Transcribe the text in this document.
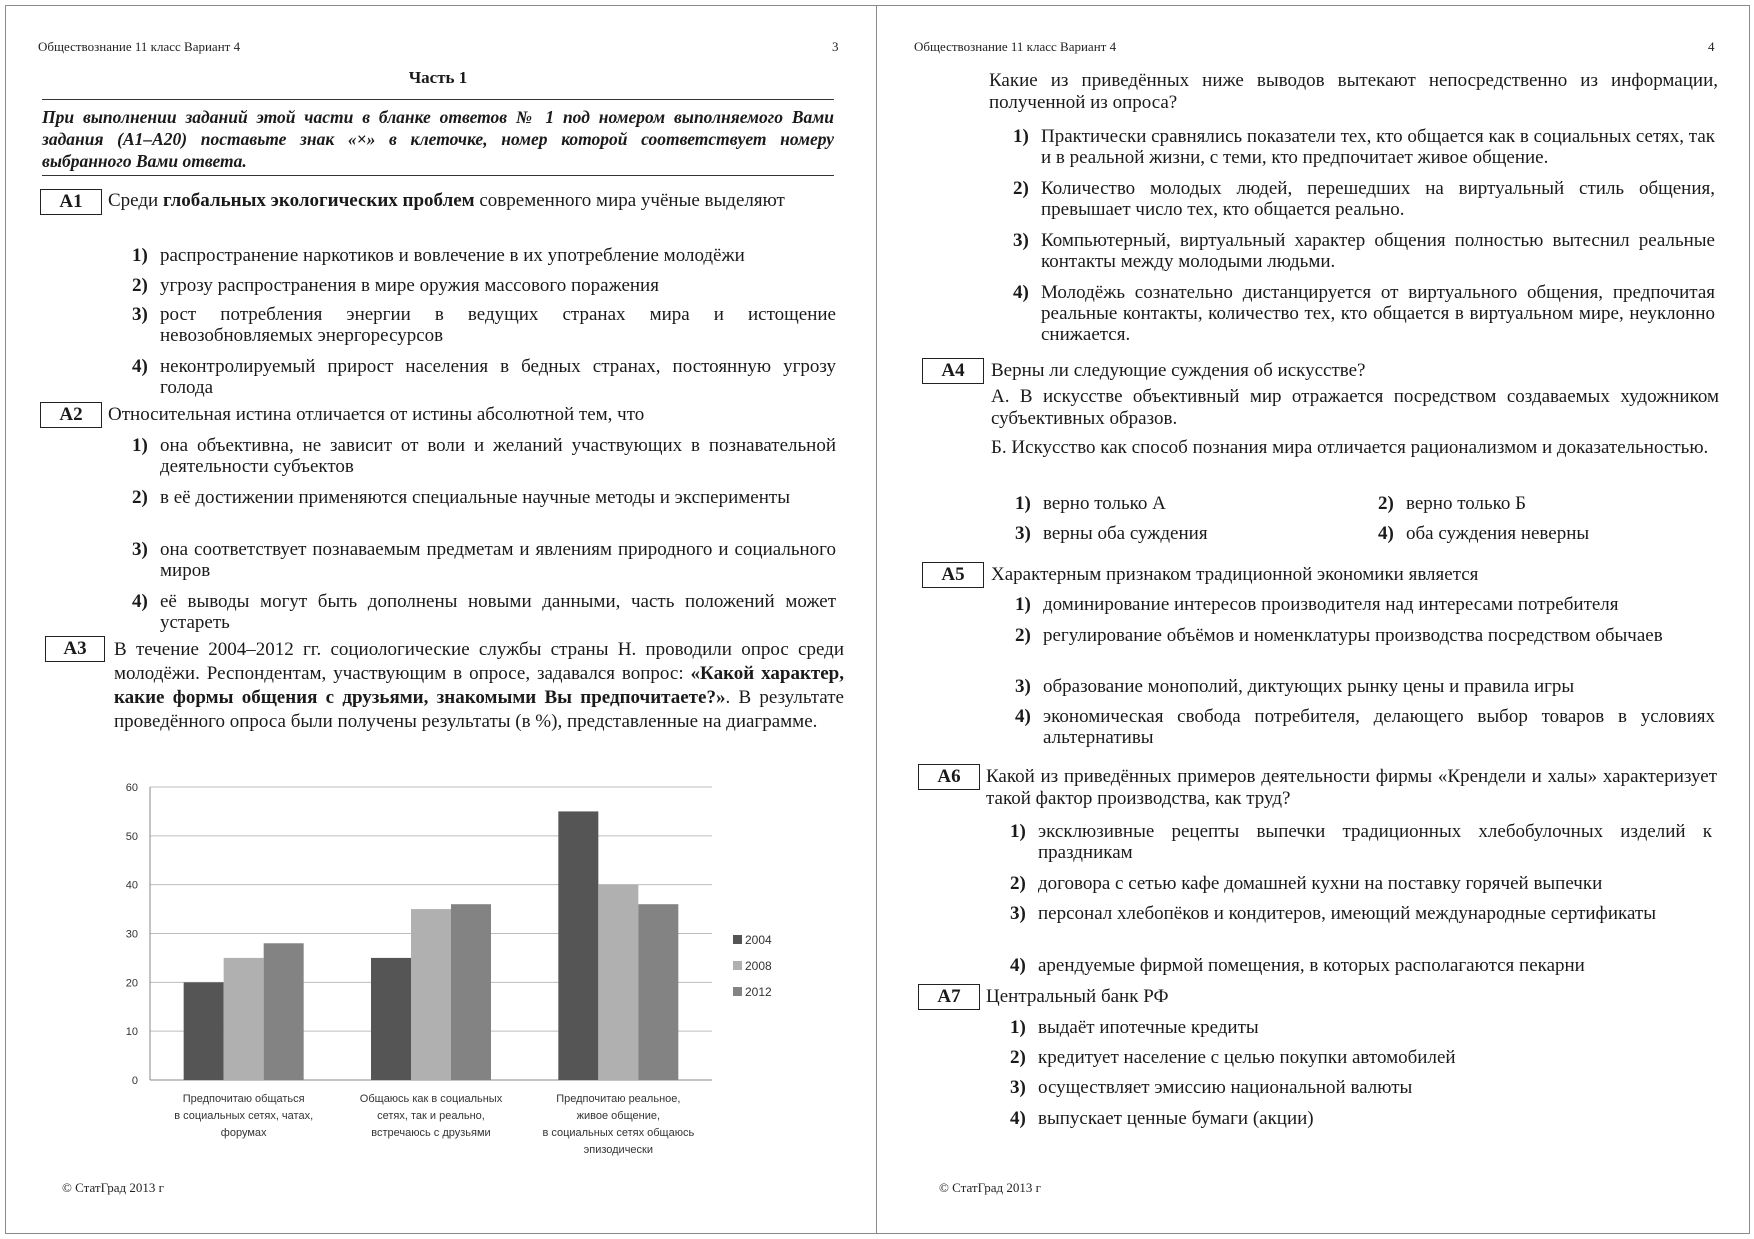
Обществознание 11 класс Вариант 4	3
Часть 1
При выполнении заданий этой части в бланке ответов № 1 под номером выполняемого Вами задания (А1–А20) поставьте знак «×» в клеточке, номер которой соответствует номеру выбранного Вами ответа.
А1	Среди глобальных экологических проблем современного мира учёные выделяют
1) распространение наркотиков и вовлечение в их употребление молодёжи
2) угрозу распространения в мире оружия массового поражения
3) рост потребления энергии в ведущих странах мира и истощение невозобновляемых энергоресурсов
4) неконтролируемый прирост населения в бедных странах, постоянную угрозу голода
А2	Относительная истина отличается от истины абсолютной тем, что
1) она объективна, не зависит от воли и желаний участвующих в познавательной деятельности субъектов
2) в её достижении применяются специальные научные методы и эксперименты
3) она соответствует познаваемым предметам и явлениям природного и социального миров
4) её выводы могут быть дополнены новыми данными, часть положений может устареть
А3	В течение 2004–2012 гг. социологические службы страны Н. проводили опрос среди молодёжи. Респондентам, участвующим в опросе, задавался вопрос: «Какой характер, какие формы общения с друзьями, знакомыми Вы предпочитаете?». В результате проведённого опроса были получены результаты (в %), представленные на диаграмме.
0
10
20
30
40
50
60
Предпочитаю общаться
в социальных сетях, чатах,
форумах
Общаюсь как в социальных
сетях, так и реально,
встречаюсь с друзьями
Предпочитаю реальное,
живое общение,
в социальных сетях общаюсь
эпизодически
2004
2008
2012
© СтатГрад 2013 г
Обществознание 11 класс Вариант 4	4
Какие из приведённых ниже выводов вытекают непосредственно из информации, полученной из опроса?
1) Практически сравнялись показатели тех, кто общается как в социальных сетях, так и в реальной жизни, с теми, кто предпочитает живое общение.
2) Количество молодых людей, перешедших на виртуальный стиль общения, превышает число тех, кто общается реально.
3) Компьютерный, виртуальный характер общения полностью вытеснил реальные контакты между молодыми людьми.
4) Молодёжь сознательно дистанцируется от виртуального общения, предпочитая реальные контакты, количество тех, кто общается в виртуальном мире, неуклонно снижается.
А4	Верны ли следующие суждения об искусстве?
А. В искусстве объективный мир отражается посредством создаваемых художником субъективных образов.
Б. Искусство как способ познания мира отличается рационализмом и доказательностью.
1) верно только А	2) верно только Б
3) верны оба суждения	4) оба суждения неверны
А5	Характерным признаком традиционной экономики является
1) доминирование интересов производителя над интересами потребителя
2) регулирование объёмов и номенклатуры производства посредством обычаев
3) образование монополий, диктующих рынку цены и правила игры
4) экономическая свобода потребителя, делающего выбор товаров в условиях альтернативы
А6	Какой из приведённых примеров деятельности фирмы «Крендели и халы» характеризует такой фактор производства, как труд?
1) эксклюзивные рецепты выпечки традиционных хлебобулочных изделий к праздникам
2) договора с сетью кафе домашней кухни на поставку горячей выпечки
3) персонал хлебопёков и кондитеров, имеющий международные сертификаты
4) арендуемые фирмой помещения, в которых располагаются пекарни
А7	Центральный банк РФ
1) выдаёт ипотечные кредиты
2) кредитует население с целью покупки автомобилей
3) осуществляет эмиссию национальной валюты
4) выпускает ценные бумаги (акции)
© СтатГрад 2013 г
